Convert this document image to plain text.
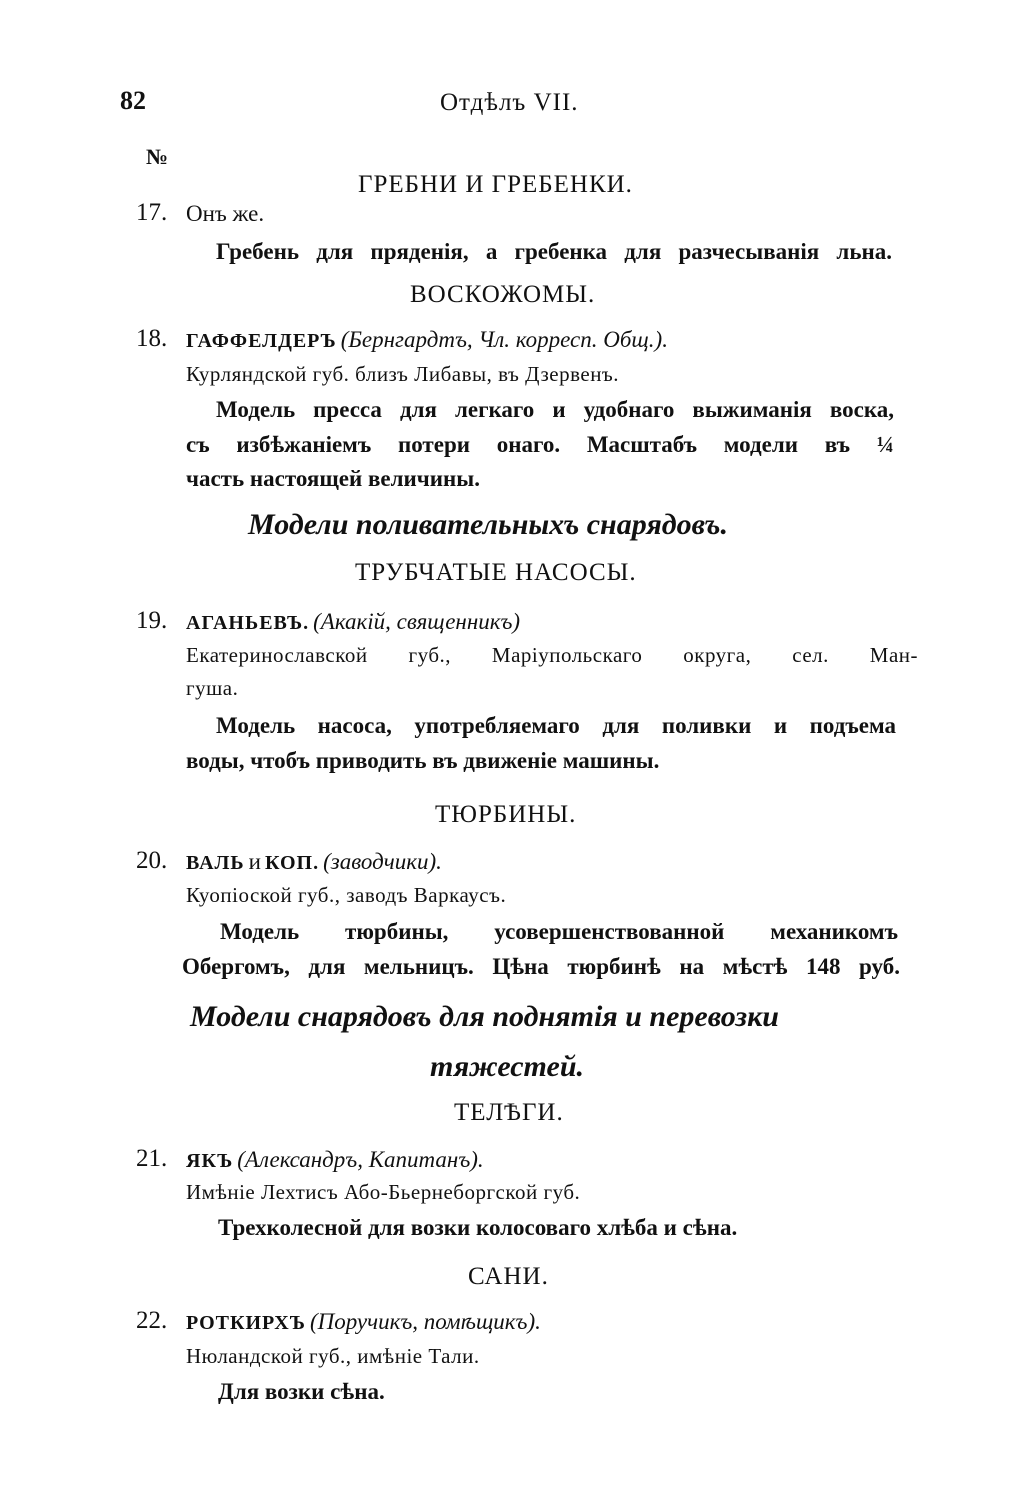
82	Отдѣлъ VII.
№
ГРЕБНИ И ГРЕБЕНКИ.
17. Онъ же.
Гребень для пряденія, а гребенка для разчесыванія льна.
ВОСКОЖОМЫ.
18. ГАФФЕЛДЕРЪ (Бернгардтъ, Чл. корресп. Общ.).
Курляндской губ. близъ Либавы, въ Дзервенъ.
Модель пресса для легкаго и удобнаго выжиманія воска,
съ избѣжаніемъ потери онаго. Масштабъ модели въ ¼
часть настоящей величины.
Модели поливательныхъ снарядовъ.
ТРУБЧАТЫЕ НАСОСЫ.
19. АГАНЬЕВЪ. (Акакій, священникъ)
Екатеринославской губ., Маріупольскаго округа, сел. Ман-
гуша.
Модель насоса, употребляемаго для поливки и подъема
воды, чтобъ приводить въ движеніе машины.
ТЮРБИНЫ.
20. ВАЛЬ и КОП. (заводчики).
Куопіоской губ., заводъ Варкаусъ.
Модель тюрбины, усовершенствованной механикомъ
Обергомъ, для мельницъ. Цѣна тюрбинѣ на мѣстѣ 148 руб.
Модели снарядовъ для поднятія и перевозки
тяжестей.
ТЕЛѢГИ.
21. ЯКЪ (Александръ, Капитанъ).
Имѣніе Лехтисъ Або-Бьернеборгской губ.
Трехколесной для возки колосоваго хлѣба и сѣна.
САНИ.
22. РОТКИРХЪ (Поручикъ, помѣщикъ).
Нюландской губ., имѣніе Тали.
Для возки сѣна.
